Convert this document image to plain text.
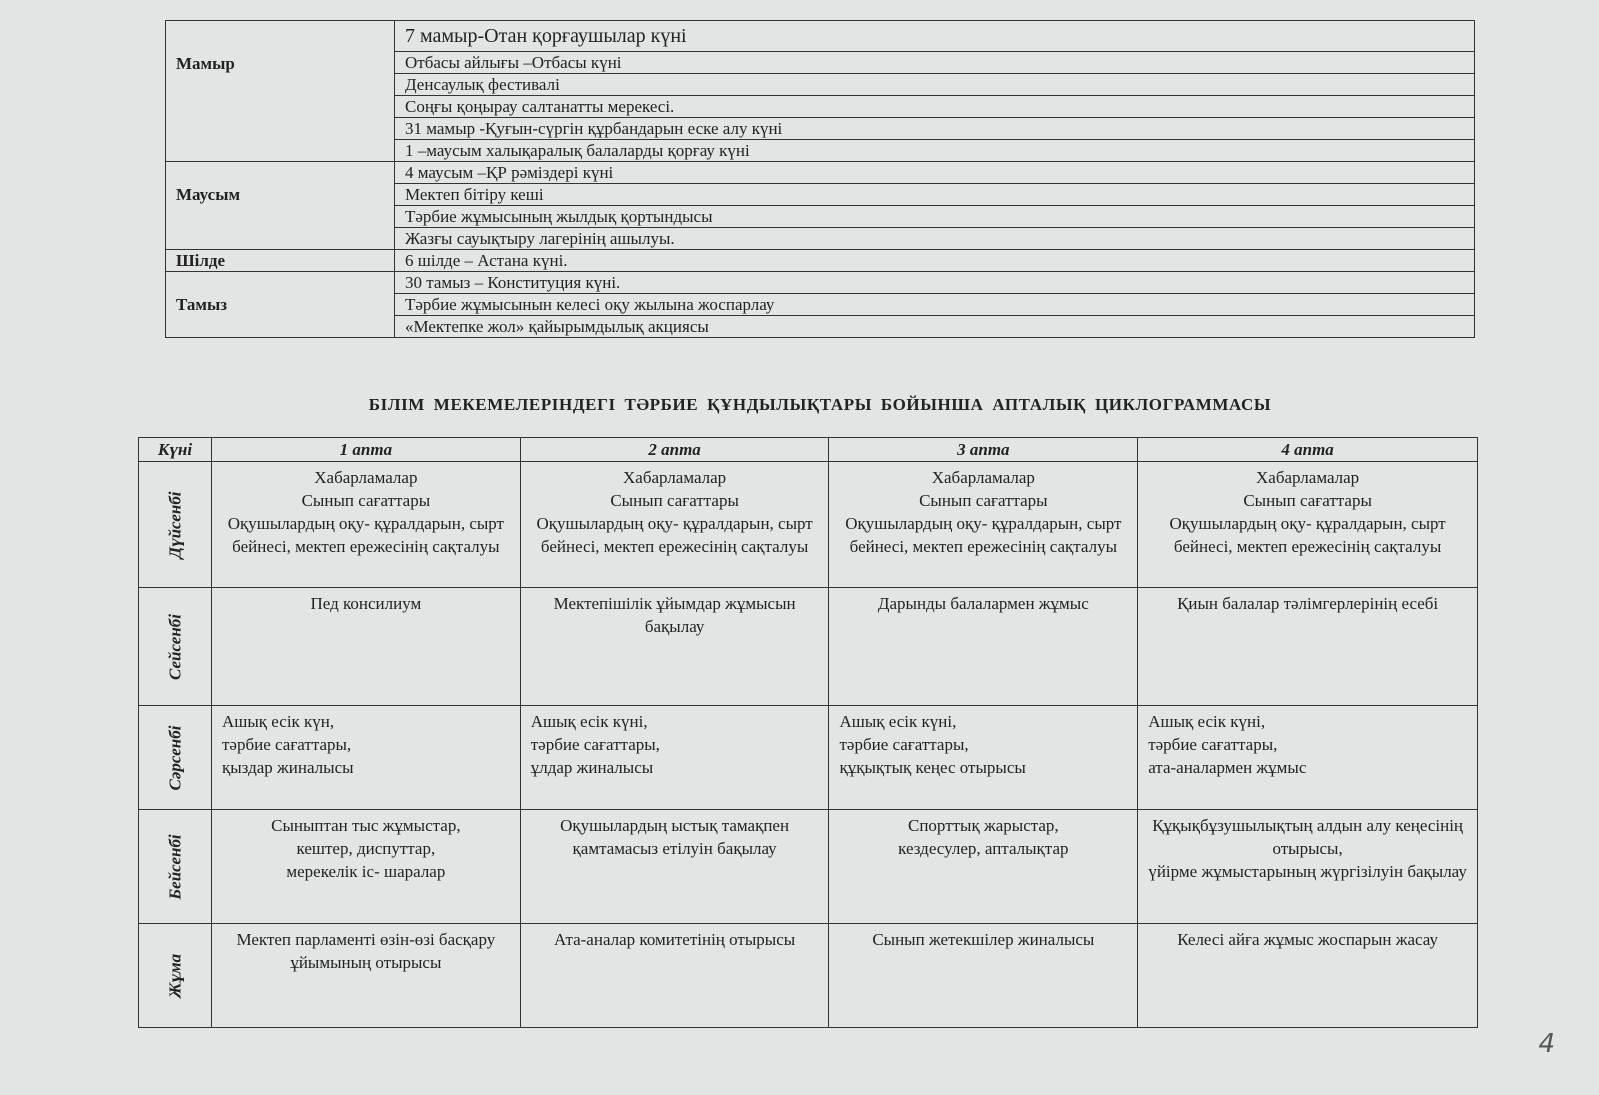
Мамыр	7 мамыр-Отан қорғаушылар күні
	Отбасы айлығы –Отбасы күні
	Денсаулық фестивалі
	Соңғы қоңырау салтанатты мерекесі.
	31 мамыр -Қуғын-сүргін құрбандарын еске алу күні
	1 –маусым халықаралық балаларды қорғау күні
Маусым	4 маусым –ҚР рәміздері күні
	Мектеп бітіру кеші
	Тәрбие жұмысының жылдық қортындысы
	Жазғы сауықтыру лагерінің ашылуы.
Шілде	6 шілде – Астана күні.
Тамыз	30 тамыз – Конституция күні.
	Тәрбие жұмысынын келесі оқу жылына жоспарлау
	«Мектепке жол» қайырымдылық акциясы
БІЛІМ МЕКЕМЕЛЕРІНДЕГІ ТӘРБИЕ ҚҰНДЫЛЫҚТАРЫ БОЙЫНША АПТАЛЫҚ ЦИКЛОГРАММАСЫ
Күні	1 апта	2 апта	3 апта	4 апта

Дүйсенбі	Хабарламалар
Сынып сағаттары
Оқушылардың оқу- құралдарын, сырт бейнесі, мектеп ережесінің сақталуы	Хабарламалар
Сынып сағаттары
Оқушылардың оқу- құралдарын, сырт бейнесі, мектеп ережесінің сақталуы	Хабарламалар
Сынып сағаттары
Оқушылардың оқу- құралдарын, сырт бейнесі, мектеп ережесінің сақталуы	Хабарламалар
Сынып сағаттары
Оқушылардың оқу- құралдарын, сырт бейнесі, мектеп ережесінің сақталуы

Сейсенбі	Пед консилиум	Мектепішілік ұйымдар жұмысын бақылау	Дарынды балалармен жұмыс	Қиын балалар тәлімгерлерінің есебі

Сәрсенбі	Ашық есік күн,
тәрбие сағаттары,
қыздар жиналысы	Ашық есік күні,
тәрбие сағаттары,
ұлдар жиналысы	Ашық есік күні,
тәрбие сағаттары,
құқықтық кеңес отырысы	Ашық есік күні,
тәрбие сағаттары,
ата-аналармен жұмыс

Бейсенбі	Сыныптан тыс жұмыстар,
кештер, диспуттар,
мерекелік іс- шаралар	Оқушылардың ыстық тамақпен қамтамасыз етілуін бақылау	Спорттық жарыстар,
кездесулер, апталықтар	Құқықбұзушылықтың алдын алу кеңесінің отырысы,
үйірме жұмыстарының жүргізілуін бақылау

Жұма	Мектеп парламенті өзін-өзі басқару ұйымының отырысы	Ата-аналар комитетінің отырысы	Сынып жетекшілер жиналысы	Келесі айға жұмыс жоспарын жасау
4
